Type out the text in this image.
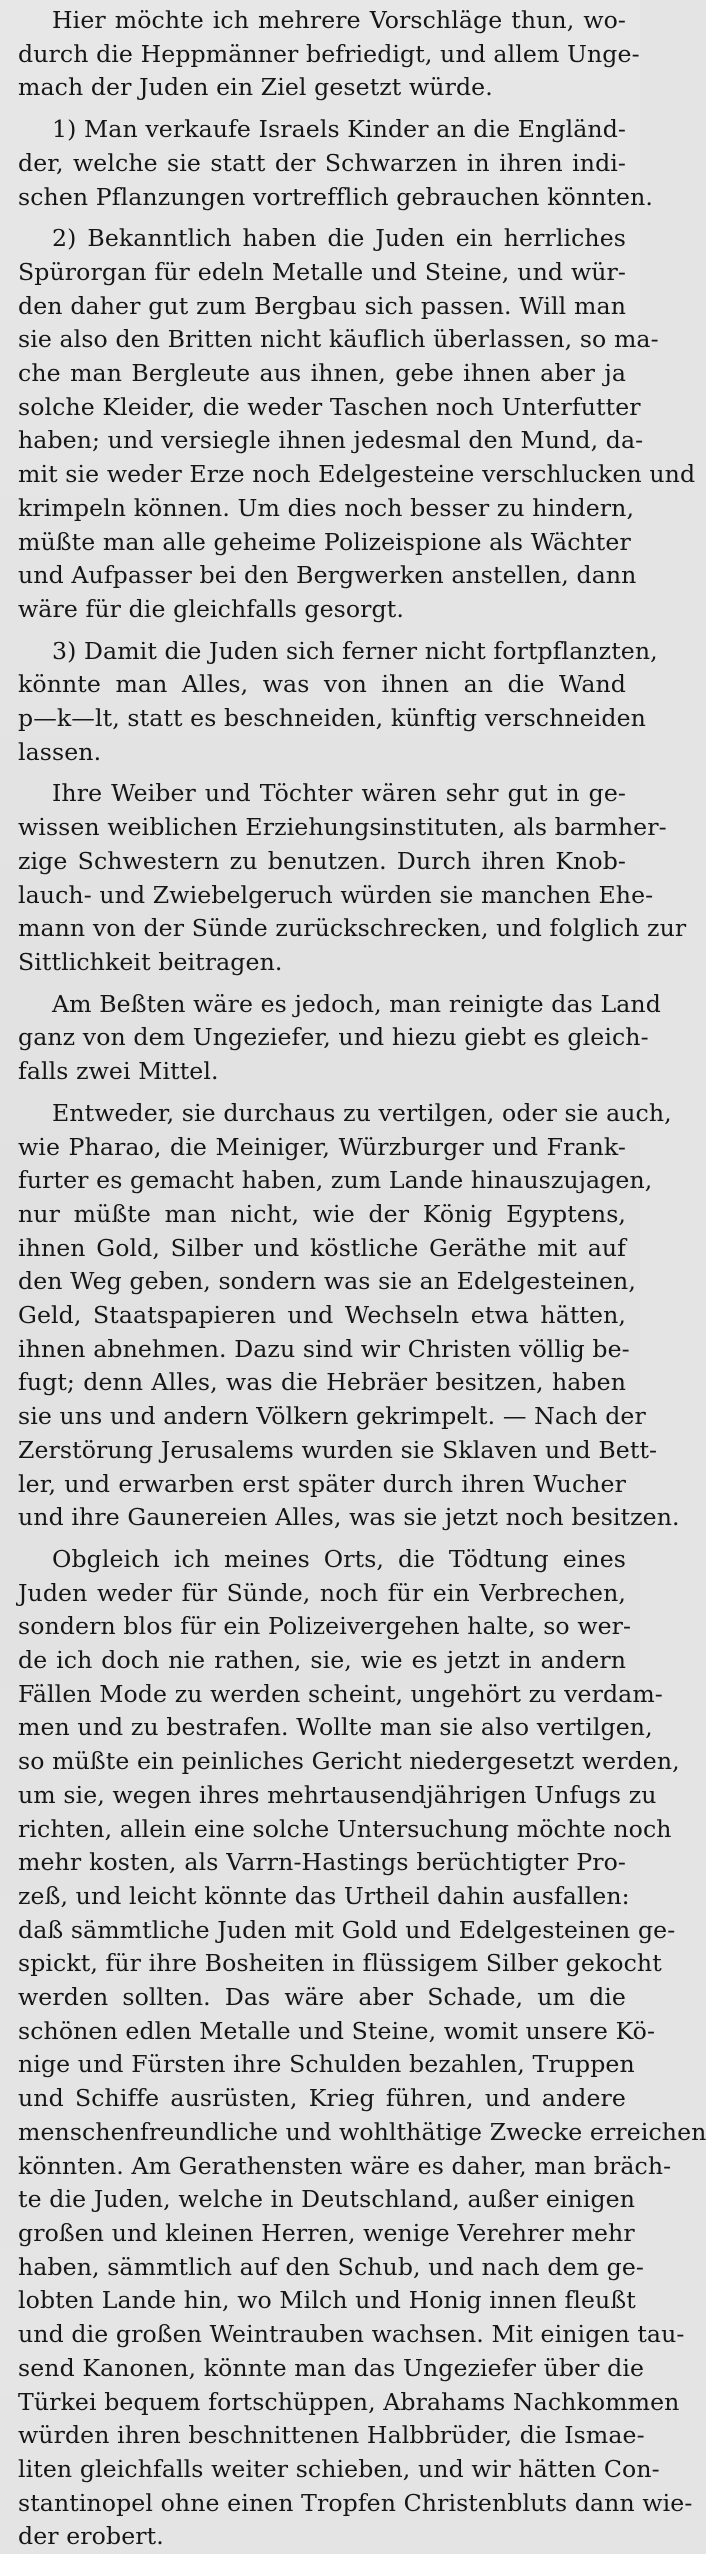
Hier möchte ich mehrere Vorschläge thun, wo-
durch die Heppmänner befriedigt, und allem Unge-
mach der Juden ein Ziel gesetzt würde.

1) Man verkaufe Israels Kinder an die Engländ-
der, welche sie statt der Schwarzen in ihren indi-
schen Pflanzungen vortrefflich gebrauchen könnten.

2) Bekanntlich haben die Juden ein herrliches
Spürorgan für edeln Metalle und Steine, und wür-
den daher gut zum Bergbau sich passen. Will man
sie also den Britten nicht käuflich überlassen, so ma-
che man Bergleute aus ihnen, gebe ihnen aber ja
solche Kleider, die weder Taschen noch Unterfutter
haben; und versiegle ihnen jedesmal den Mund, da-
mit sie weder Erze noch Edelgesteine verschlucken und
krimpeln können. Um dies noch besser zu hindern,
müßte man alle geheime Polizeispione als Wächter
und Aufpasser bei den Bergwerken anstellen, dann
wäre für die gleichfalls gesorgt.

3) Damit die Juden sich ferner nicht fortpflanzten,
könnte man Alles, was von ihnen an die Wand
p—k—lt, statt es beschneiden, künftig verschneiden
lassen.

Ihre Weiber und Töchter wären sehr gut in ge-
wissen weiblichen Erziehungsinstituten, als barmher-
zige Schwestern zu benutzen. Durch ihren Knob-
lauch- und Zwiebelgeruch würden sie manchen Ehe-
mann von der Sünde zurückschrecken, und folglich zur
Sittlichkeit beitragen.

Am Beßten wäre es jedoch, man reinigte das Land
ganz von dem Ungeziefer, und hiezu giebt es gleich-
falls zwei Mittel.

Entweder, sie durchaus zu vertilgen, oder sie auch,
wie Pharao, die Meiniger, Würzburger und Frank-
furter es gemacht haben, zum Lande hinauszujagen,
nur müßte man nicht, wie der König Egyptens,
ihnen Gold, Silber und köstliche Geräthe mit auf
den Weg geben, sondern was sie an Edelgesteinen,
Geld, Staatspapieren und Wechseln etwa hätten,
ihnen abnehmen. Dazu sind wir Christen völlig be-
fugt; denn Alles, was die Hebräer besitzen, haben
sie uns und andern Völkern gekrimpelt. — Nach der
Zerstörung Jerusalems wurden sie Sklaven und Bett-
ler, und erwarben erst später durch ihren Wucher
und ihre Gaunereien Alles, was sie jetzt noch besitzen.

Obgleich ich meines Orts, die Tödtung eines
Juden weder für Sünde, noch für ein Verbrechen,
sondern blos für ein Polizeivergehen halte, so wer-
de ich doch nie rathen, sie, wie es jetzt in andern
Fällen Mode zu werden scheint, ungehört zu verdam-
men und zu bestrafen. Wollte man sie also vertilgen,
so müßte ein peinliches Gericht niedergesetzt werden,
um sie, wegen ihres mehrtausendjährigen Unfugs zu
richten, allein eine solche Untersuchung möchte noch
mehr kosten, als Varrn-Hastings berüchtigter Pro-
zeß, und leicht könnte das Urtheil dahin ausfallen:
daß sämmtliche Juden mit Gold und Edelgesteinen ge-
spickt, für ihre Bosheiten in flüssigem Silber gekocht
werden sollten. Das wäre aber Schade, um die
schönen edlen Metalle und Steine, womit unsere Kö-
nige und Fürsten ihre Schulden bezahlen, Truppen
und Schiffe ausrüsten, Krieg führen, und andere
menschenfreundliche und wohlthätige Zwecke erreichen
könnten. Am Gerathensten wäre es daher, man bräch-
te die Juden, welche in Deutschland, außer einigen
großen und kleinen Herren, wenige Verehrer mehr
haben, sämmtlich auf den Schub, und nach dem ge-
lobten Lande hin, wo Milch und Honig innen fleußt
und die großen Weintrauben wachsen. Mit einigen tau-
send Kanonen, könnte man das Ungeziefer über die
Türkei bequem fortschüppen, Abrahams Nachkommen
würden ihren beschnittenen Halbbrüder, die Ismae-
liten gleichfalls weiter schieben, und wir hätten Con-
stantinopel ohne einen Tropfen Christenbluts dann wie-
der erobert.
